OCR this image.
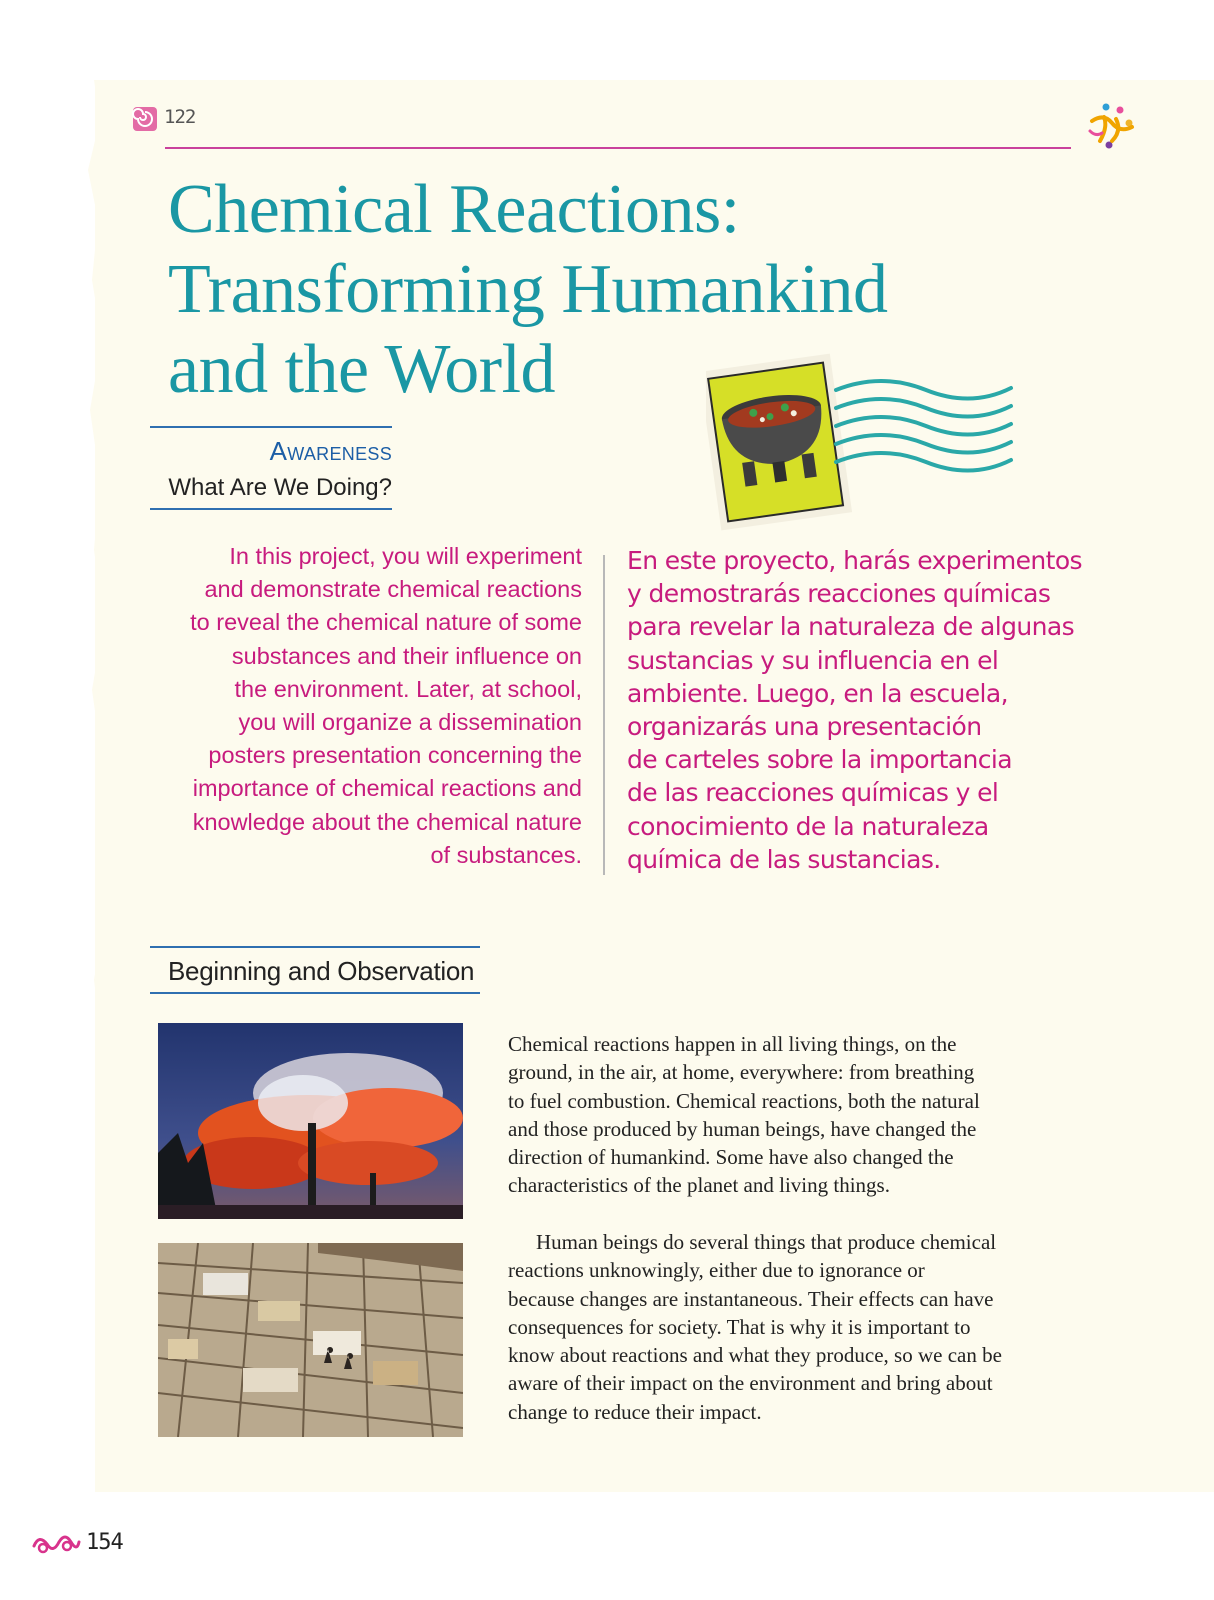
122
Chemical Reactions:
Transforming Humankind
and the World
Awareness
What Are We Doing?
In this project, you will experiment
and demonstrate chemical reactions
to reveal the chemical nature of some
substances and their influence on
the environment. Later, at school,
you will organize a dissemination
posters presentation concerning the
importance of chemical reactions and
knowledge about the chemical nature
of substances.
En este proyecto, harás experimentos
y demostrarás reacciones químicas
para revelar la naturaleza de algunas
sustancias y su influencia en el
ambiente. Luego, en la escuela,
organizarás una presentación
de carteles sobre la importancia
de las reacciones químicas y el
conocimiento de la naturaleza
química de las sustancias.
Beginning and Observation
Chemical reactions happen in all living things, on the
ground, in the air, at home, everywhere: from breathing
to fuel combustion. Chemical reactions, both the natural
and those produced by human beings, have changed the
direction of humankind. Some have also changed the
characteristics of the planet and living things.
Human beings do several things that produce chemical
reactions unknowingly, either due to ignorance or
because changes are instantaneous. Their effects can have
consequences for society. That is why it is important to
know about reactions and what they produce, so we can be
aware of their impact on the environment and bring about
change to reduce their impact.
154
